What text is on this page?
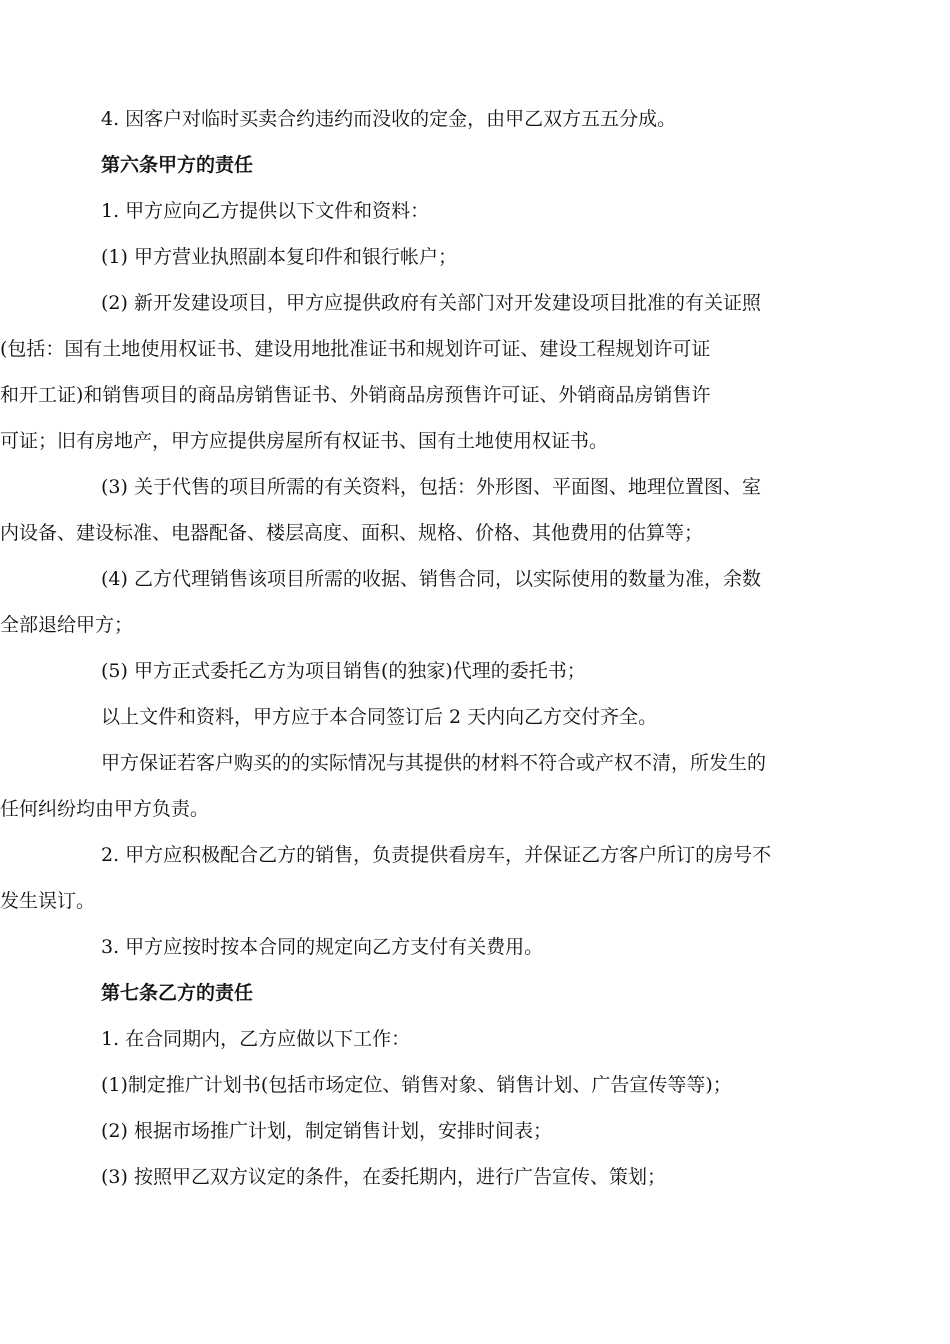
4. 因客户对临时买卖合约违约而没收的定金，由甲乙双方五五分成。

第六条甲方的责任

1. 甲方应向乙方提供以下文件和资料：

(1) 甲方营业执照副本复印件和银行帐户；

(2) 新开发建设项目，甲方应提供政府有关部门对开发建设项目批准的有关证照
(包括：国有土地使用权证书、建设用地批准证书和规划许可证、建设工程规划许可证
和开工证)和销售项目的商品房销售证书、外销商品房预售许可证、外销商品房销售许
可证；旧有房地产，甲方应提供房屋所有权证书、国有土地使用权证书。
(3) 关于代售的项目所需的有关资料，包括：外形图、平面图、地理位置图、室
内设备、建设标准、电器配备、楼层高度、面积、规格、价格、其他费用的估算等；
(4) 乙方代理销售该项目所需的收据、销售合同，以实际使用的数量为准，余数
全部退给甲方；

(5) 甲方正式委托乙方为项目销售(的独家)代理的委托书；

以上文件和资料，甲方应于本合同签订后 2 天内向乙方交付齐全。

甲方保证若客户购买的的实际情况与其提供的材料不符合或产权不清，所发生的
任何纠纷均由甲方负责。
2. 甲方应积极配合乙方的销售，负责提供看房车，并保证乙方客户所订的房号不
发生误订。

3. 甲方应按时按本合同的规定向乙方支付有关费用。

第七条乙方的责任

1. 在合同期内，乙方应做以下工作：

(1)制定推广计划书(包括市场定位、销售对象、销售计划、广告宣传等等)；

(2) 根据市场推广计划，制定销售计划，安排时间表；

(3) 按照甲乙双方议定的条件，在委托期内，进行广告宣传、策划；
